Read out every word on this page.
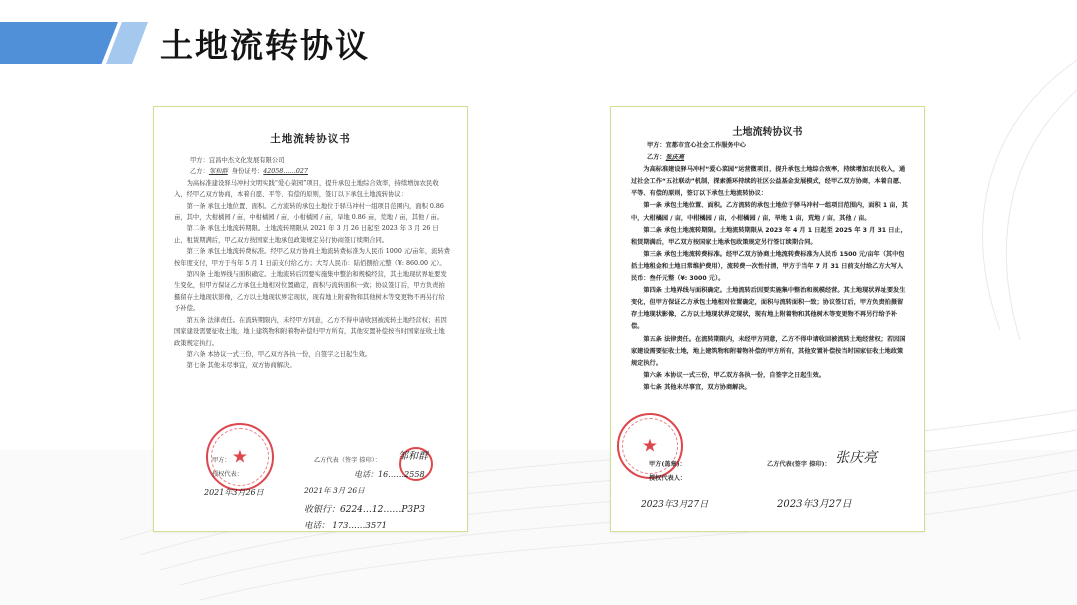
土地流转协议
土地流转协议书

甲方：宜昌中杰文化发展有限公司

乙方：邹和群 身份证号：42058……027

为高标准建设驿马冲村文明实践“爱心菜园”项目，提升承包土地综合效率，持续增加农民收入，经甲乙双方协商，本着自愿、平等、有偿的原则，签订以下承包土地流转协议：

第一条 承包土地位置、面积。乙方流转的承包土地位于驿马冲村一组项目范围内，面积 0.86 亩，其中，大柑橘园 / 亩，中柑橘园 / 亩，小柑橘园 / 亩，旱地 0.86 亩，荒地 / 亩，其他 / 亩。

第二条 承包土地流转期限。土地流转期限从 2021 年 3 月 26 日起至 2023 年 3 月 26 日止，租赁期满后，甲乙双方按国家土地承包政策规定另行协商签订续期合同。

第三条 承包土地流转费标准。经甲乙双方协商土地流转费标准为人民币 1000 元/亩年，流转费按年度支付，甲方于当年 5 月 1 日前支付给乙方；大写人民币：陆佰捌拾元整（¥: 860.00 元）。

第四条 土地界线与面积确定。土地流转后因要实施集中整治和规模经营，其土地现状界址要发生变化，但甲方保证乙方承包土地相对位置确定，面积与流转面积一致；协议签订后，甲方负责拍摄留存土地现状影像，乙方以土地现状界定现状，现有地上附着物和其他树木等变更物不再另行给予补偿。

第五条 法律责任。在流转期限内，未经甲方同意，乙方不得申请收回被流转土地经营权；若因国家建设需要征收土地，地上建筑物和附着物补偿归甲方所有，其他安置补偿按当时国家征收土地政策规定执行。

第六条 本协议一式三份，甲乙双方各执一份，自签字之日起生效。

第七条 其他未尽事宜，双方协商解决。

★
甲方：
授权代表：
乙方代表（签字 捺印）： 邹和群
电话：16……2558
2021年3月26日	2021年 3月 26日
收银行：6224…12……P3P3
电话： 173……3571
土地流转协议书

甲方：宜都市宜心社会工作服务中心

乙方：张庆亮

为高标准建设驿马冲村“爱心菜园”运营微项目，提升承包土地综合效率，持续增加农民收入，通过社会工作“五社联动”机制，探索循环持续的社区公益基金发展模式，经甲乙双方协商，本着自愿、平等、有偿的原则，签订以下承包土地流转协议：

第一条 承包土地位置、面积。乙方流转的承包土地位于驿马冲村一组项目范围内，面积 1 亩，其中，大柑橘园 / 亩，中柑橘园 / 亩，小柑橘园 / 亩，旱地 1 亩，荒地 / 亩，其他 / 亩。

第二条 承包土地流转期限。土地流转期限从 2023 年 4 月 1 日起至 2025 年 3 月 31 日止，租赁期满后，甲乙双方按国家土地承包政策规定另行签订续期合同。

第三条 承包土地流转费标准。经甲乙双方协商土地流转费标准为人民币 1500 元/亩年（其中包括土地租金和土地日常维护费用），流转费一次性付清，甲方于当年 7 月 31 日前支付给乙方大写人民币：叁仟元整（¥: 3000 元）。

第四条 土地界线与面积确定。土地流转后因要实施集中整治和规模经营。其土地现状界址要发生变化，但甲方保证乙方承包土地相对位置确定，面积与流转面积一致；协议签订后，甲方负责拍摄留存土地现状影像，乙方以土地现状界定现状，现有地上附着物和其他树木等变更物不再另行给予补偿。

第五条 法律责任。在流转期限内，未经甲方同意，乙方不得申请收回被流转土地经营权；若因国家建设需要征收土地，地上建筑物和附着物补偿的甲方所有，其他安置补偿按当时国家征收土地政策规定执行。

第六条 本协议一式三份，甲乙双方各执一份，自签字之日起生效。

第七条 其他未尽事宜，双方协商解决。

★
甲方(盖章)：
授权代表人：
乙方代表(签字 捺印)： 张庆亮
2023年3月27日	2023年3月27日
